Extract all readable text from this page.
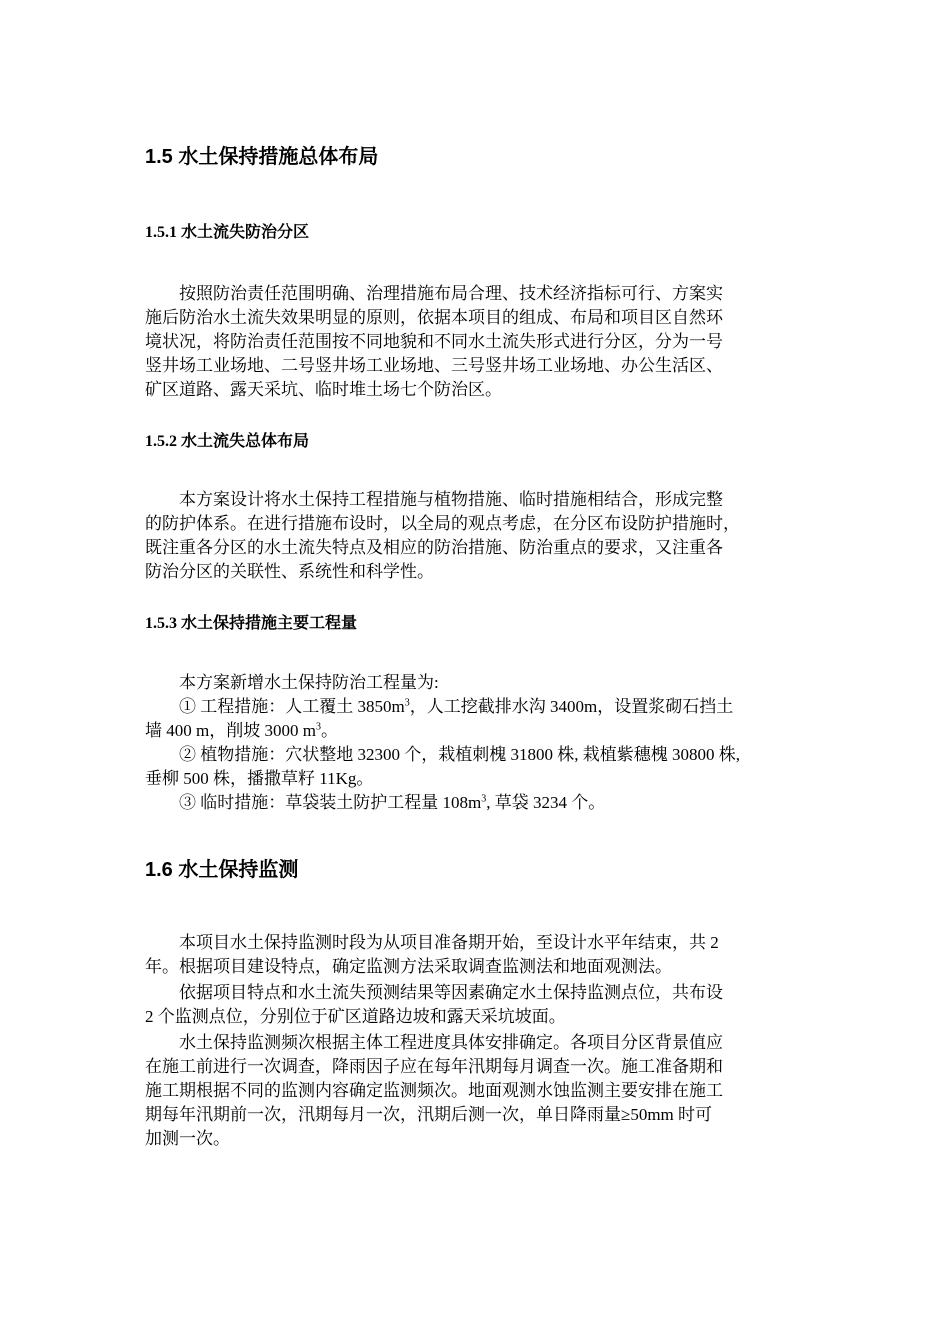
1.5 水土保持措施总体布局
1.5.1 水土流失防治分区
按照防治责任范围明确、治理措施布局合理、技术经济指标可行、方案实
施后防治水土流失效果明显的原则，依据本项目的组成、布局和项目区自然环
境状况，将防治责任范围按不同地貌和不同水土流失形式进行分区，分为一号
竖井场工业场地、二号竖井场工业场地、三号竖井场工业场地、办公生活区、
矿区道路、露天采坑、临时堆土场七个防治区。
1.5.2 水土流失总体布局
本方案设计将水土保持工程措施与植物措施、临时措施相结合，形成完整
的防护体系。在进行措施布设时，以全局的观点考虑，在分区布设防护措施时，
既注重各分区的水土流失特点及相应的防治措施、防治重点的要求，又注重各
防治分区的关联性、系统性和科学性。
1.5.3 水土保持措施主要工程量
本方案新增水土保持防治工程量为:
① 工程措施：人工覆土 $3850m^3$，人工挖截排水沟 3400m，设置浆砌石挡土
墙 400 m，削坡 3000 $m^3$。
② 植物措施：穴状整地 32300 个，栽植刺槐 31800 株, 栽植紫穗槐 30800 株,
垂柳 500 株，播撒草籽 11Kg。
③ 临时措施：草袋装土防护工程量 $108m^3$, 草袋 3234 个。
1.6 水土保持监测
本项目水土保持监测时段为从项目准备期开始，至设计水平年结束，共 2
年。根据项目建设特点，确定监测方法采取调查监测法和地面观测法。
依据项目特点和水土流失预测结果等因素确定水土保持监测点位，共布设
2 个监测点位，分别位于矿区道路边坡和露天采坑坡面。
水土保持监测频次根据主体工程进度具体安排确定。各项目分区背景值应
在施工前进行一次调查，降雨因子应在每年汛期每月调查一次。施工准备期和
施工期根据不同的监测内容确定监测频次。地面观测水蚀监测主要安排在施工
期每年汛期前一次，汛期每月一次，汛期后测一次，单日降雨量≥50mm 时可
加测一次。
